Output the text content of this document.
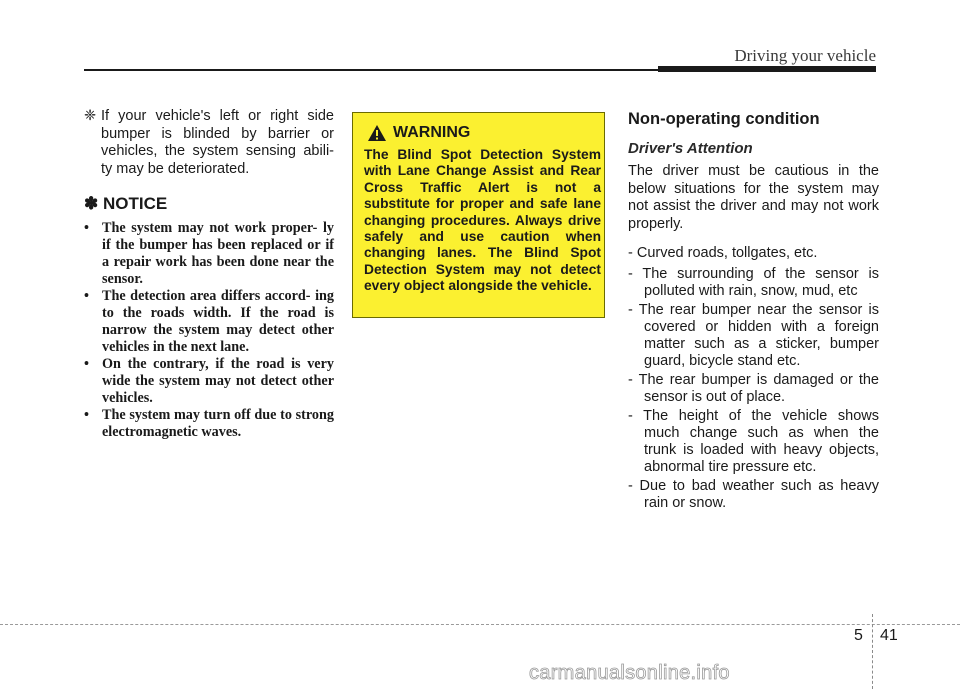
Driving your vehicle
❈ If your vehicle's left or right side bumper is blinded by barrier or vehicles, the system sensing abili- ty may be deteriorated.
✽ NOTICE
• The system may not work proper- ly if the bumper has been replaced or if a repair work has been done near the sensor.
• The detection area differs accord- ing to the roads width. If the road is narrow the system may detect other vehicles in the next lane.
• On the contrary, if the road is very wide the system may not detect other vehicles.
• The system may turn off due to strong electromagnetic waves.
WARNING
The Blind Spot Detection System with Lane Change Assist and Rear Cross Traffic Alert is not a substitute for proper and safe lane changing procedures. Always drive safely and use caution when changing lanes. The Blind Spot Detection System may not detect every object alongside the vehicle.
Non-operating condition
Driver's Attention
The driver must be cautious in the below situations for the system may not assist the driver and may not work properly.
- Curved roads, tollgates, etc.
- The surrounding of the sensor is polluted with rain, snow, mud, etc
- The rear bumper near the sensor is covered or hidden with a foreign matter such as a sticker, bumper guard, bicycle stand etc.
- The rear bumper is damaged or the sensor is out of place.
- The height of the vehicle shows much change such as when the trunk is loaded with heavy objects, abnormal tire pressure etc.
- Due to bad weather such as heavy rain or snow.
5 41
carmanualsonline.info
